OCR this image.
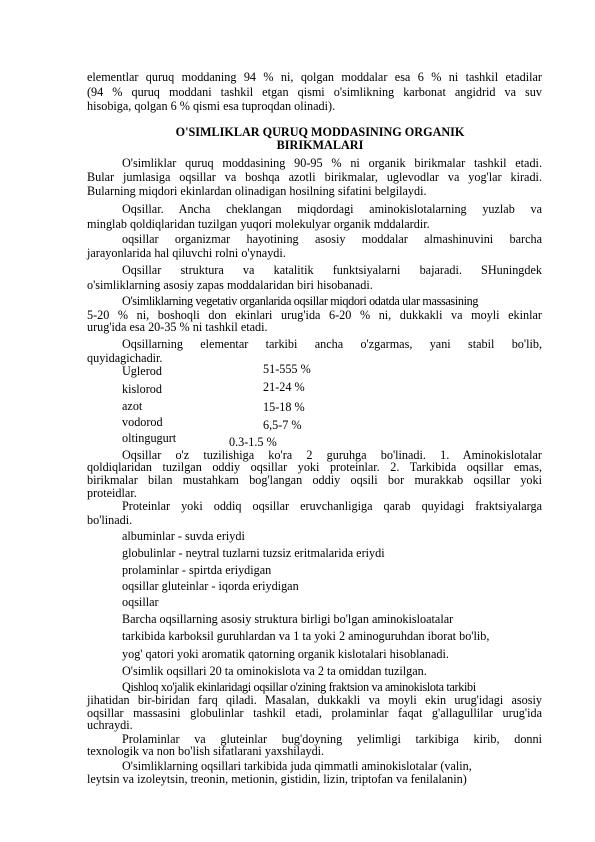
elementlar quruq moddaning 94 % ni, qolgan moddalar esa 6 % ni tashkil etadilar
(94 % quruq moddani tashkil etgan qismi o'simlikning karbonat angidrid va suv
hisobiga, qolgan 6 % qismi esa tuproqdan olinadi).
O'SIMLIKLAR QURUQ MODDASINING ORGANIK
BIRIKMALARI
O'simliklar quruq moddasining 90-95 % ni organik birikmalar tashkil etadi.
Bular jumlasiga oqsillar va boshqa azotli birikmalar, uglevodlar va yog'lar kiradi.
Bularning miqdori ekinlardan olinadigan hosilning sifatini belgilaydi.
Oqsillar. Ancha cheklangan miqdordagi aminokislotalarning yuzlab va
minglab qoldiqlaridan tuzilgan yuqori molekulyar organik mddalardir.
oqsillar organizmar hayotining asosiy moddalar almashinuvini barcha
jarayonlarida hal qiluvchi rolni o'ynaydi.
Oqsillar struktura va katalitik funktsiyalarni bajaradi. SHuningdek
o'simliklarning asosiy zapas moddalaridan biri hisobanadi.
O'simliklarning vegetativ organlarida oqsillar miqdori odatda ular massasining
5-20 % ni, boshoqli don ekinlari urug'ida 6-20 % ni, dukkakli va moyli ekinlar
urug'ida esa 20-35 % ni tashkil etadi.
Oqsillarning elementar tarkibi ancha o'zgarmas, yani stabil bo'lib,
quyidagichadir.
Uglerod	51-555 %
kislorod	21-24 %
azot	15-18 %
vodorod	6,5-7 %
oltingugurt	0.3-1.5 %
Oqsillar o'z tuzilishiga ko'ra 2 guruhga bo'linadi. 1. Aminokislotalar
qoldiqlaridan tuzilgan oddiy oqsillar yoki proteinlar. 2. Tarkibida oqsillar emas,
birikmalar bilan mustahkam bog'langan oddiy oqsili bor murakkab oqsillar yoki
proteidlar.
Proteinlar yoki oddiq oqsillar eruvchanligiga qarab quyidagi fraktsiyalarga
bo'linadi.
albuminlar - suvda eriydi
globulinlar - neytral tuzlarni tuzsiz eritmalarida eriydi
prolaminlar - spirtda eriydigan
oqsillar gluteinlar - iqorda eriydigan
oqsillar
Barcha oqsillarning asosiy struktura birligi bo'lgan aminokisloatalar
tarkibida karboksil guruhlardan va 1 ta yoki 2 aminoguruhdan iborat bo'lib,
yog' qatori yoki aromatik qatorning organik kislotalari hisoblanadi.
O'simlik oqsillari 20 ta ominokislota va 2 ta omiddan tuzilgan.
Qishloq xo'jalik ekinlaridagi oqsillar o'zining fraktsion va aminokislota tarkibi
jihatidan bir-biridan farq qiladi. Masalan, dukkakli va moyli ekin urug'idagi asosiy
oqsillar massasini globulinlar tashkil etadi, prolaminlar faqat g'allagullilar urug'ida
uchraydi.
Prolaminlar va gluteinlar bug'doyning yelimligi tarkibiga kirib, donni
texnologik va non bo'lish sifatlarani yaxshilaydi.
O'simliklarning oqsillari tarkibida juda qimmatli aminokislotalar (valin,
leytsin va izoleytsin, treonin, metionin, gistidin, lizin, triptofan va fenilalanin)
